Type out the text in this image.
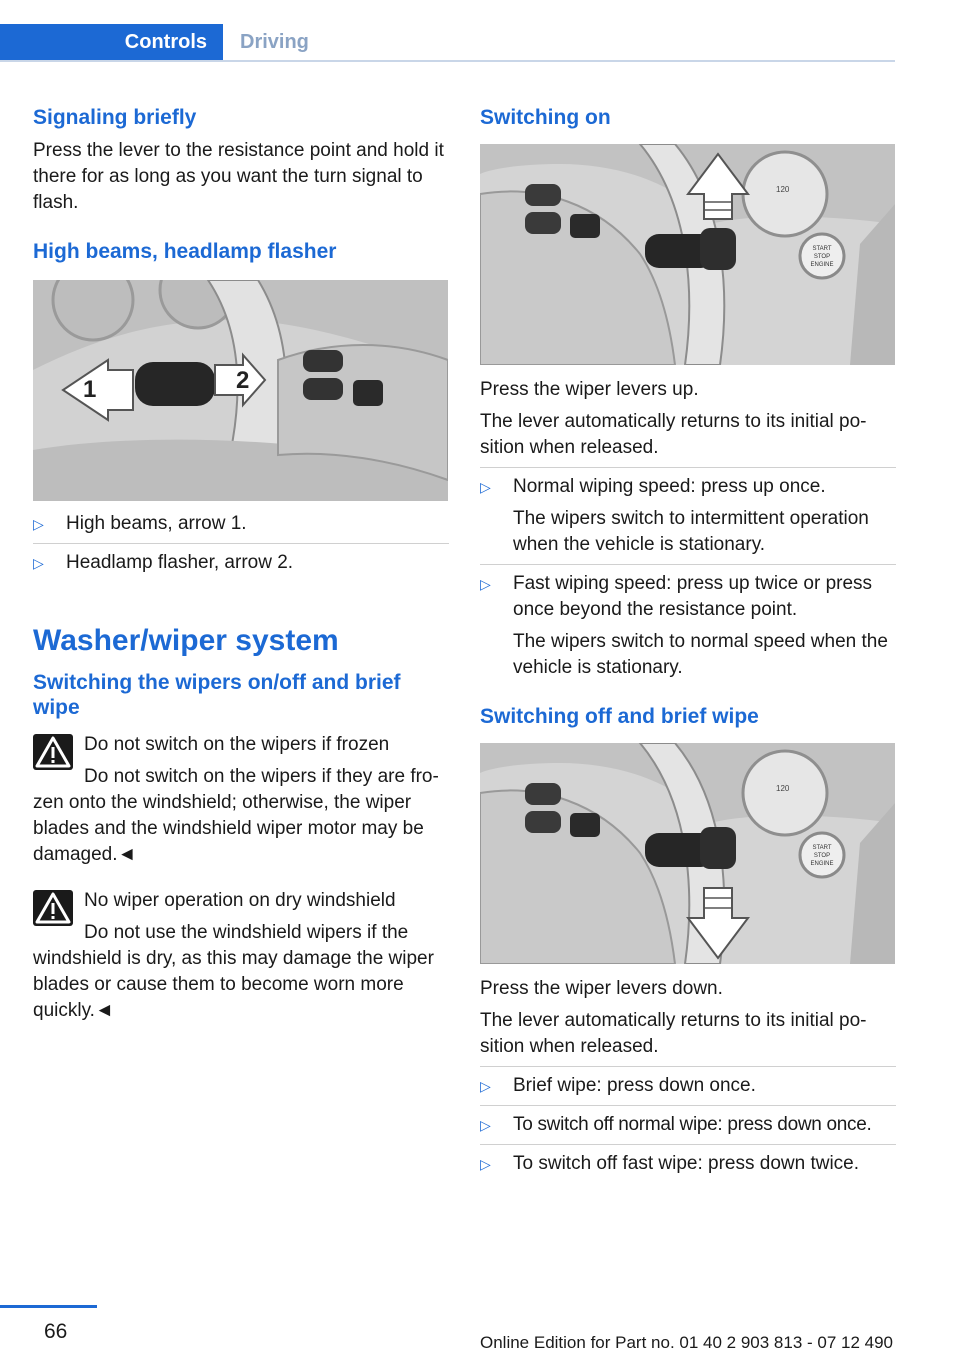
Controls	Driving
Signaling briefly

Press the lever to the resistance point and hold it there for as long as you want the turn signal to flash.

High beams, headlamp flasher
1	2
▷ High beams, arrow 1.
▷ Headlamp flasher, arrow 2.
Washer/wiper system
Switching the wipers on/off and brief wipe

Do not switch on the wipers if frozen

Do not switch on the wipers if they are fro-

zen onto the windshield; otherwise, the wiper blades and the windshield wiper motor may be damaged.◄

No wiper operation on dry windshield

Do not use the windshield wipers if the

windshield is dry, as this may damage the wiper blades or cause them to become worn more quickly.◄

Switching on
120
START
STOP
ENGINE

Press the wiper levers up.

The lever automatically returns to its initial po-sition when released.

▷ Normal wiping speed: press up once.
The wipers switch to intermittent operation when the vehicle is stationary.
▷ Fast wiping speed: press up twice or press once beyond the resistance point.
The wipers switch to normal speed when the vehicle is stationary.
Switching off and brief wipe
120
START
STOP
ENGINE

Press the wiper levers down.

The lever automatically returns to its initial po-sition when released.

▷ Brief wipe: press down once.
▷ To switch off normal wipe: press down once.
▷ To switch off fast wipe: press down twice.
66	Online Edition for Part no. 01 40 2 903 813 - 07 12 490
